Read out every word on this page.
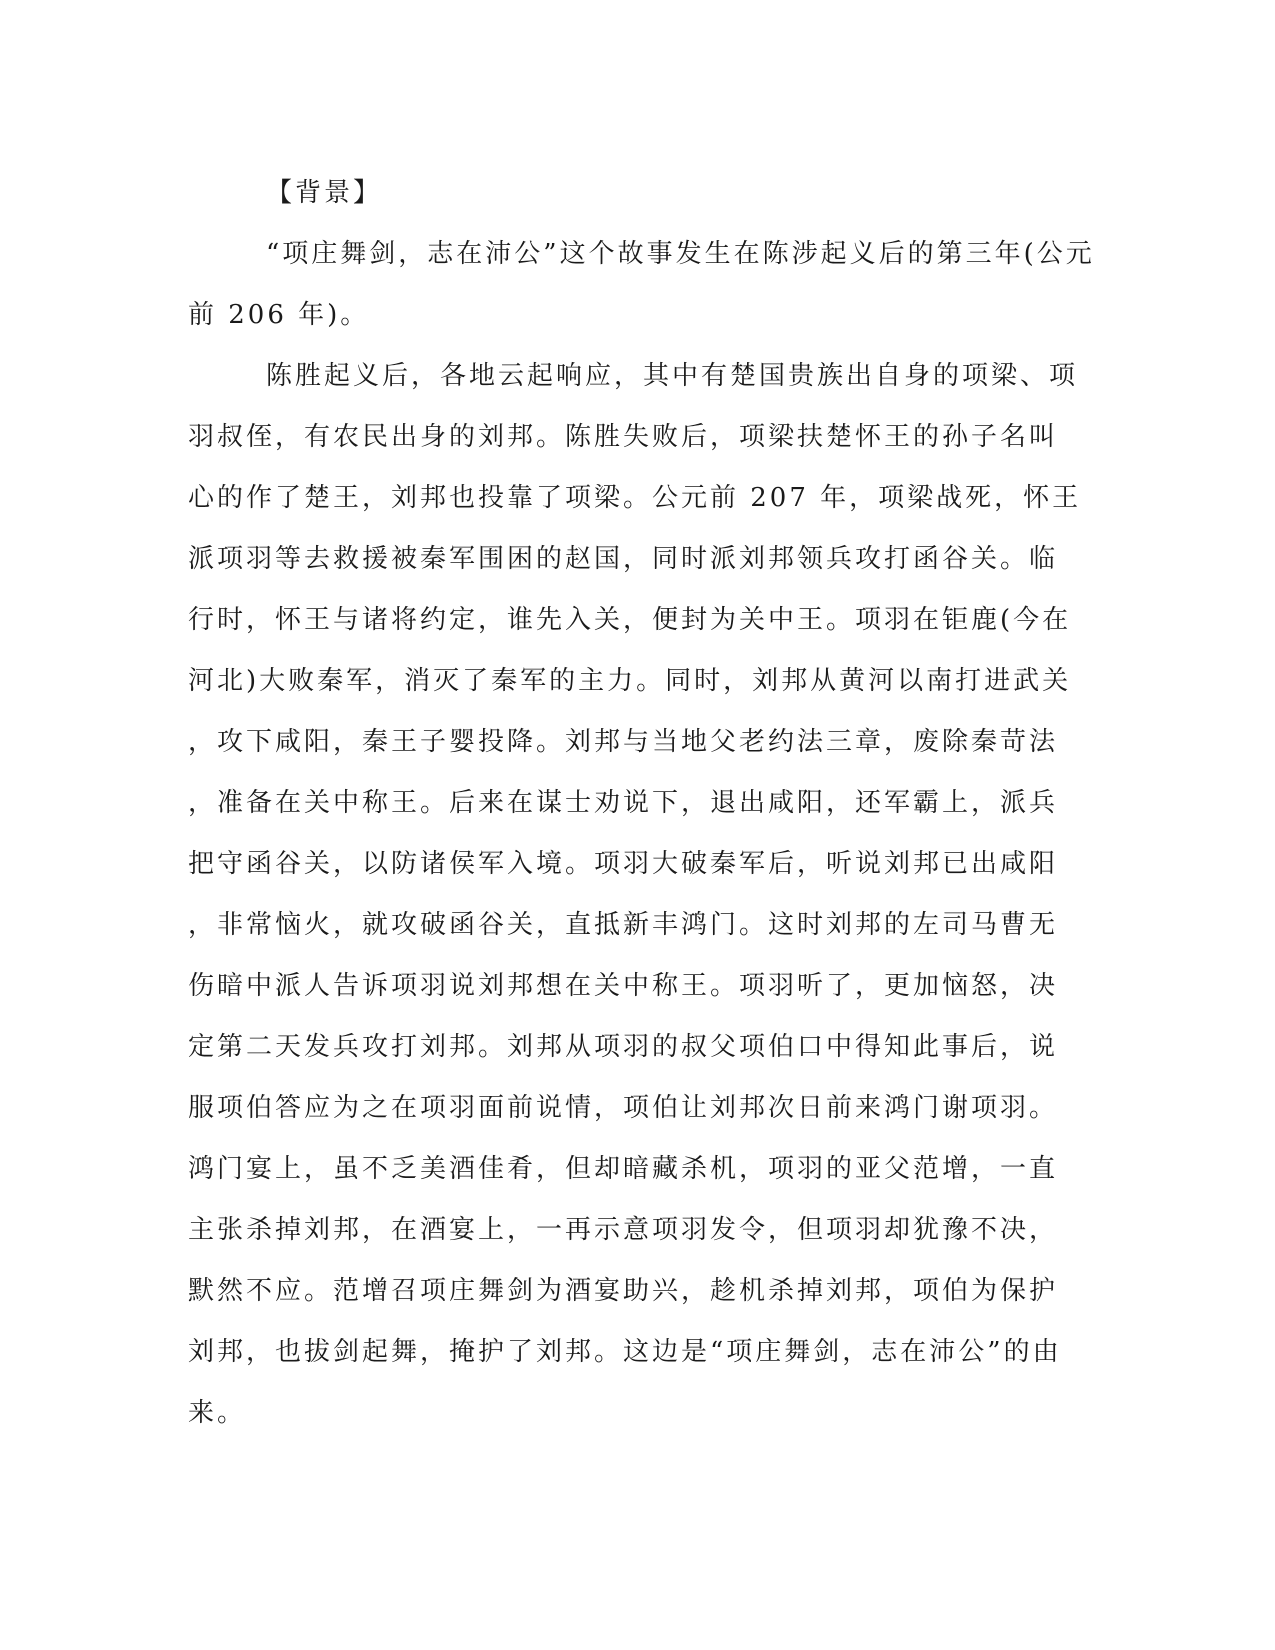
【背景】
“项庄舞剑，志在沛公”这个故事发生在陈涉起义后的第三年(公元
前 206 年)。
陈胜起义后，各地云起响应，其中有楚国贵族出自身的项梁、项
羽叔侄，有农民出身的刘邦。陈胜失败后，项梁扶楚怀王的孙子名叫
心的作了楚王，刘邦也投靠了项梁。公元前 207 年，项梁战死，怀王
派项羽等去救援被秦军围困的赵国，同时派刘邦领兵攻打函谷关。临
行时，怀王与诸将约定，谁先入关，便封为关中王。项羽在钜鹿(今在
河北)大败秦军，消灭了秦军的主力。同时，刘邦从黄河以南打进武关
，攻下咸阳，秦王子婴投降。刘邦与当地父老约法三章，废除秦苛法
，准备在关中称王。后来在谋士劝说下，退出咸阳，还军霸上，派兵
把守函谷关，以防诸侯军入境。项羽大破秦军后，听说刘邦已出咸阳
，非常恼火，就攻破函谷关，直抵新丰鸿门。这时刘邦的左司马曹无
伤暗中派人告诉项羽说刘邦想在关中称王。项羽听了，更加恼怒，决
定第二天发兵攻打刘邦。刘邦从项羽的叔父项伯口中得知此事后，说
服项伯答应为之在项羽面前说情，项伯让刘邦次日前来鸿门谢项羽。
鸿门宴上，虽不乏美酒佳肴，但却暗藏杀机，项羽的亚父范增，一直
主张杀掉刘邦，在酒宴上，一再示意项羽发令，但项羽却犹豫不决，
默然不应。范增召项庄舞剑为酒宴助兴，趁机杀掉刘邦，项伯为保护
刘邦，也拔剑起舞，掩护了刘邦。这边是“项庄舞剑，志在沛公”的由
来。
